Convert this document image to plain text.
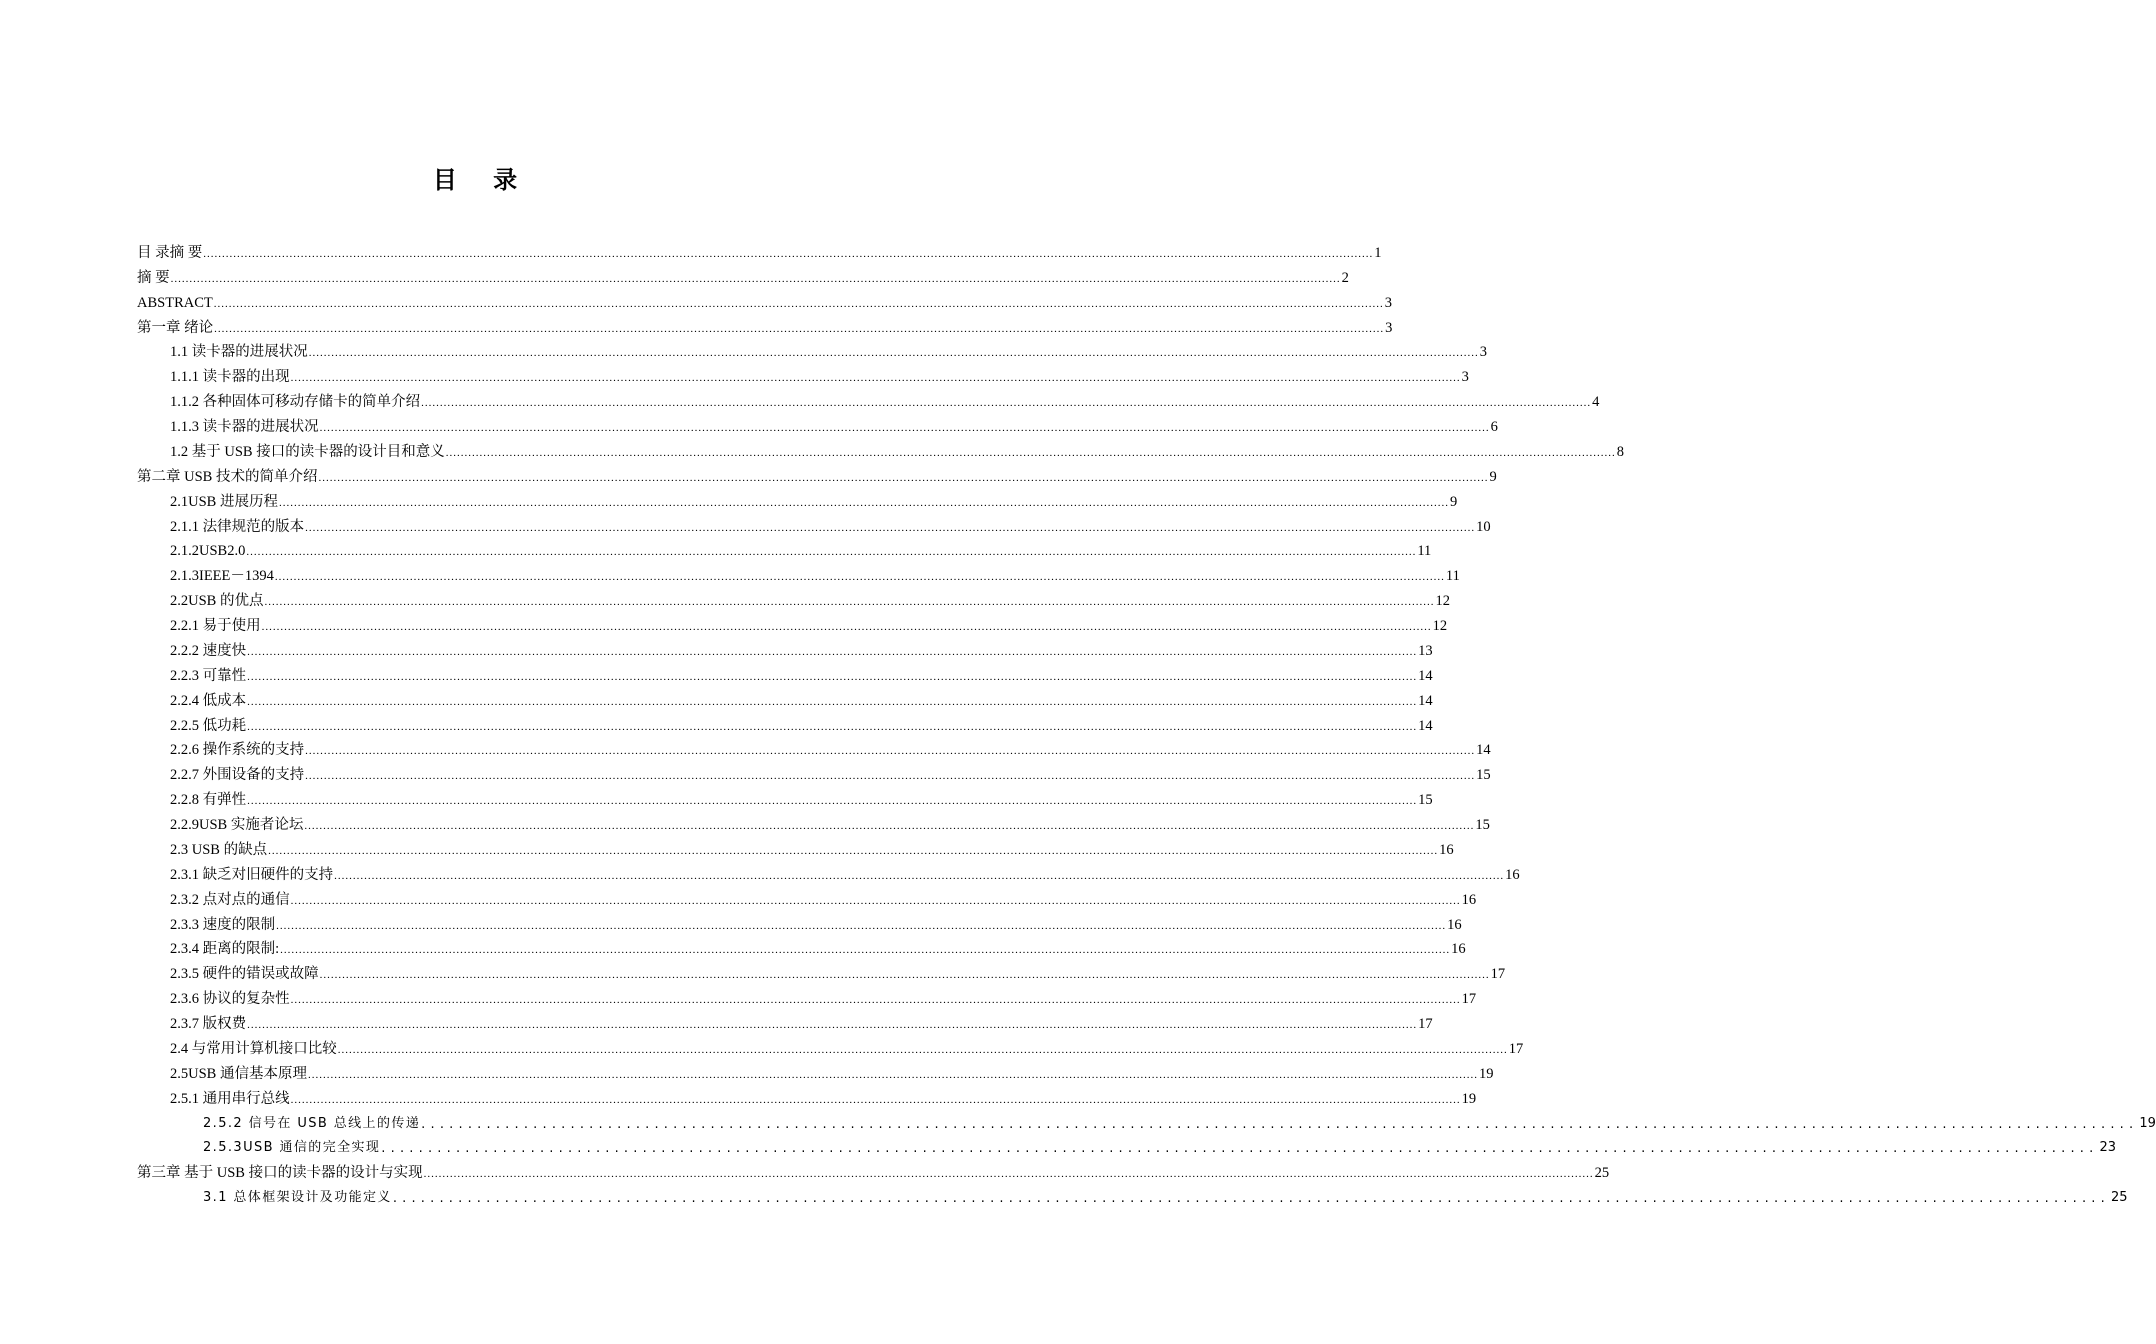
目 录
目 录摘 要 ........................................................................................................................................................................................................................................................................................................................ 1
摘 要 ........................................................................................................................................................................................................................................................................................................................ 2
ABSTRACT ........................................................................................................................................................................................................................................................................................................................ 3
第一章 绪论 ........................................................................................................................................................................................................................................................................................................................ 3
1.1 读卡器的进展状况 ........................................................................................................................................................................................................................................................................................................................ 3
1.1.1 读卡器的出现 ........................................................................................................................................................................................................................................................................................................................ 3
1.1.2 各种固体可移动存储卡的简单介绍 ........................................................................................................................................................................................................................................................................................................................ 4
1.1.3 读卡器的进展状况 ........................................................................................................................................................................................................................................................................................................................ 6
1.2 基于 USB 接口的读卡器的设计目和意义 ........................................................................................................................................................................................................................................................................................................................ 8
第二章 USB 技术的简单介绍 ........................................................................................................................................................................................................................................................................................................................ 9
2.1USB 进展历程 ........................................................................................................................................................................................................................................................................................................................ 9
2.1.1 法律规范的版本 ........................................................................................................................................................................................................................................................................................................................ 10
2.1.2USB2.0 ........................................................................................................................................................................................................................................................................................................................ 11
2.1.3IEEE－1394 ........................................................................................................................................................................................................................................................................................................................ 11
2.2USB 的优点 ........................................................................................................................................................................................................................................................................................................................ 12
2.2.1 易于使用 ........................................................................................................................................................................................................................................................................................................................ 12
2.2.2 速度快 ........................................................................................................................................................................................................................................................................................................................ 13
2.2.3 可靠性 ........................................................................................................................................................................................................................................................................................................................ 14
2.2.4 低成本 ........................................................................................................................................................................................................................................................................................................................ 14
2.2.5 低功耗 ........................................................................................................................................................................................................................................................................................................................ 14
2.2.6 操作系统的支持 ........................................................................................................................................................................................................................................................................................................................ 14
2.2.7 外围设备的支持 ........................................................................................................................................................................................................................................................................................................................ 15
2.2.8 有弹性 ........................................................................................................................................................................................................................................................................................................................ 15
2.2.9USB 实施者论坛 ........................................................................................................................................................................................................................................................................................................................ 15
2.3 USB 的缺点 ........................................................................................................................................................................................................................................................................................................................ 16
2.3.1 缺乏对旧硬件的支持 ........................................................................................................................................................................................................................................................................................................................ 16
2.3.2 点对点的通信 ........................................................................................................................................................................................................................................................................................................................ 16
2.3.3 速度的限制 ........................................................................................................................................................................................................................................................................................................................ 16
2.3.4 距离的限制: ........................................................................................................................................................................................................................................................................................................................ 16
2.3.5 硬件的错误或故障 ........................................................................................................................................................................................................................................................................................................................ 17
2.3.6 协议的复杂性 ........................................................................................................................................................................................................................................................................................................................ 17
2.3.7 版权费 ........................................................................................................................................................................................................................................................................................................................ 17
2.4 与常用计算机接口比较 ........................................................................................................................................................................................................................................................................................................................ 17
2.5USB 通信基本原理 ........................................................................................................................................................................................................................................................................................................................ 19
2.5.1 通用串行总线 ........................................................................................................................................................................................................................................................................................................................ 19
2.5.2 信号在 USB 总线上的传递 ........................................................................................................................................................................................ 19
2.5.3USB 通信的完全实现 ........................................................................................................................................................................................ 23
第三章 基于 USB 接口的读卡器的设计与实现 ........................................................................................................................................................................................................................................................................................................................ 25
3.1 总体框架设计及功能定义 ........................................................................................................................................................................................ 25
